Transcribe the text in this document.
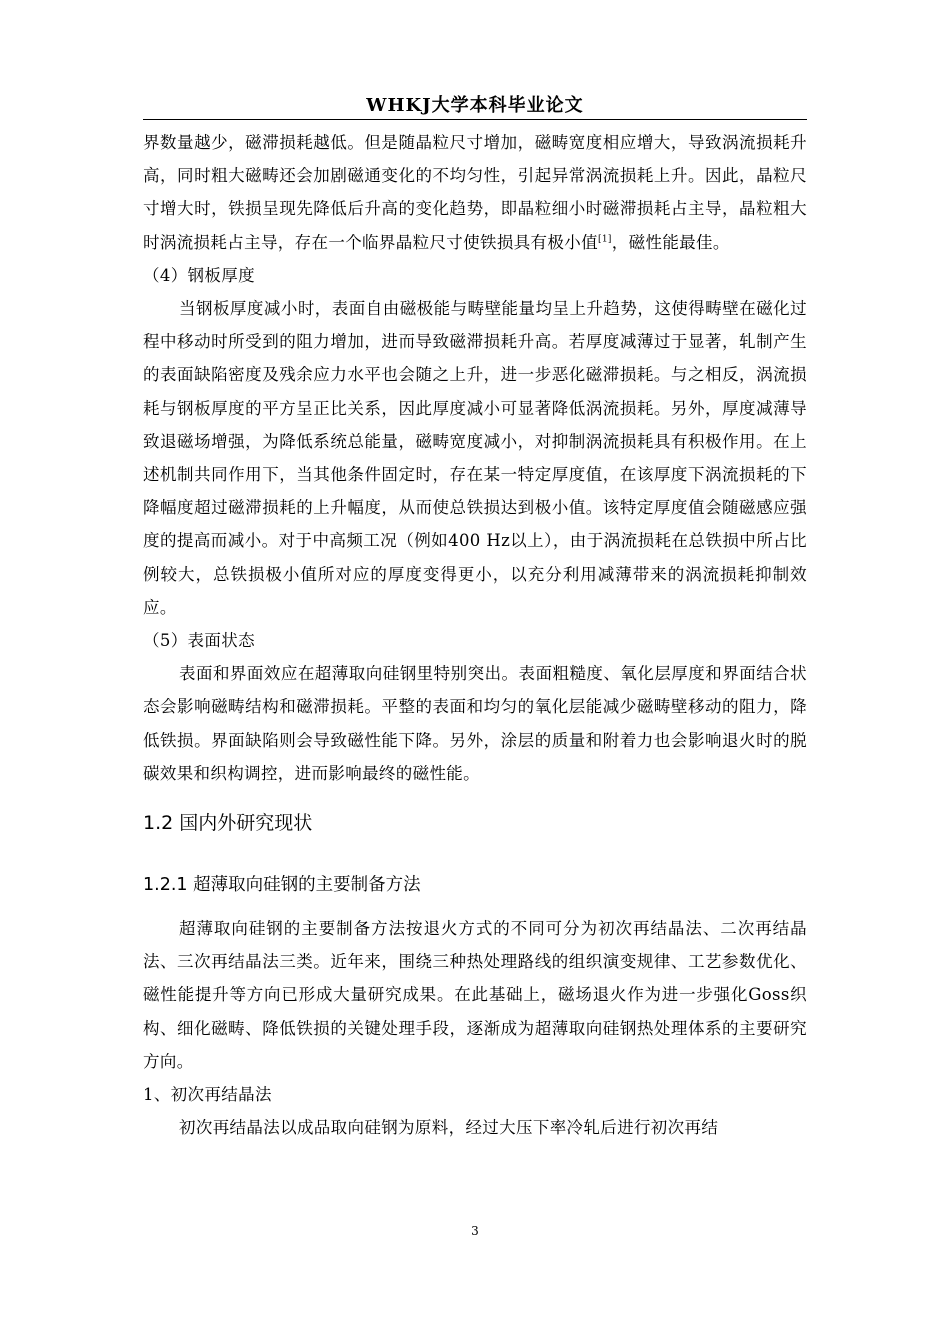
WHKJ大学本科毕业论文

界数量越少，磁滞损耗越低。但是随晶粒尺寸增加，磁畴宽度相应增大，导致涡流损耗升高，同时粗大磁畴还会加剧磁通变化的不均匀性，引起异常涡流损耗上升。因此，晶粒尺寸增大时，铁损呈现先降低后升高的变化趋势，即晶粒细小时磁滞损耗占主导，晶粒粗大时涡流损耗占主导，存在一个临界晶粒尺寸使铁损具有极小值[1]，磁性能最佳。

（4）钢板厚度

当钢板厚度减小时，表面自由磁极能与畴壁能量均呈上升趋势，这使得畴壁在磁化过程中移动时所受到的阻力增加，进而导致磁滞损耗升高。若厚度减薄过于显著，轧制产生的表面缺陷密度及残余应力水平也会随之上升，进一步恶化磁滞损耗。与之相反，涡流损耗与钢板厚度的平方呈正比关系，因此厚度减小可显著降低涡流损耗。另外，厚度减薄导致退磁场增强，为降低系统总能量，磁畴宽度减小，对抑制涡流损耗具有积极作用。在上述机制共同作用下，当其他条件固定时，存在某一特定厚度值，在该厚度下涡流损耗的下降幅度超过磁滞损耗的上升幅度，从而使总铁损达到极小值。该特定厚度值会随磁感应强度的提高而减小。对于中高频工况（例如400 Hz以上），由于涡流损耗在总铁损中所占比例较大，总铁损极小值所对应的厚度变得更小，以充分利用减薄带来的涡流损耗抑制效应。

（5）表面状态

表面和界面效应在超薄取向硅钢里特别突出。表面粗糙度、氧化层厚度和界面结合状态会影响磁畴结构和磁滞损耗。平整的表面和均匀的氧化层能减少磁畴壁移动的阻力，降低铁损。界面缺陷则会导致磁性能下降。另外，涂层的质量和附着力也会影响退火时的脱碳效果和织构调控，进而影响最终的磁性能。

1.2 国内外研究现状
1.2.1 超薄取向硅钢的主要制备方法

超薄取向硅钢的主要制备方法按退火方式的不同可分为初次再结晶法、二次再结晶法、三次再结晶法三类。近年来，围绕三种热处理路线的组织演变规律、工艺参数优化、磁性能提升等方向已形成大量研究成果。在此基础上，磁场退火作为进一步强化Goss织构、细化磁畴、降低铁损的关键处理手段，逐渐成为超薄取向硅钢热处理体系的主要研究方向。

1、初次再结晶法

初次再结晶法以成品取向硅钢为原料，经过大压下率冷轧后进行初次再结

3
